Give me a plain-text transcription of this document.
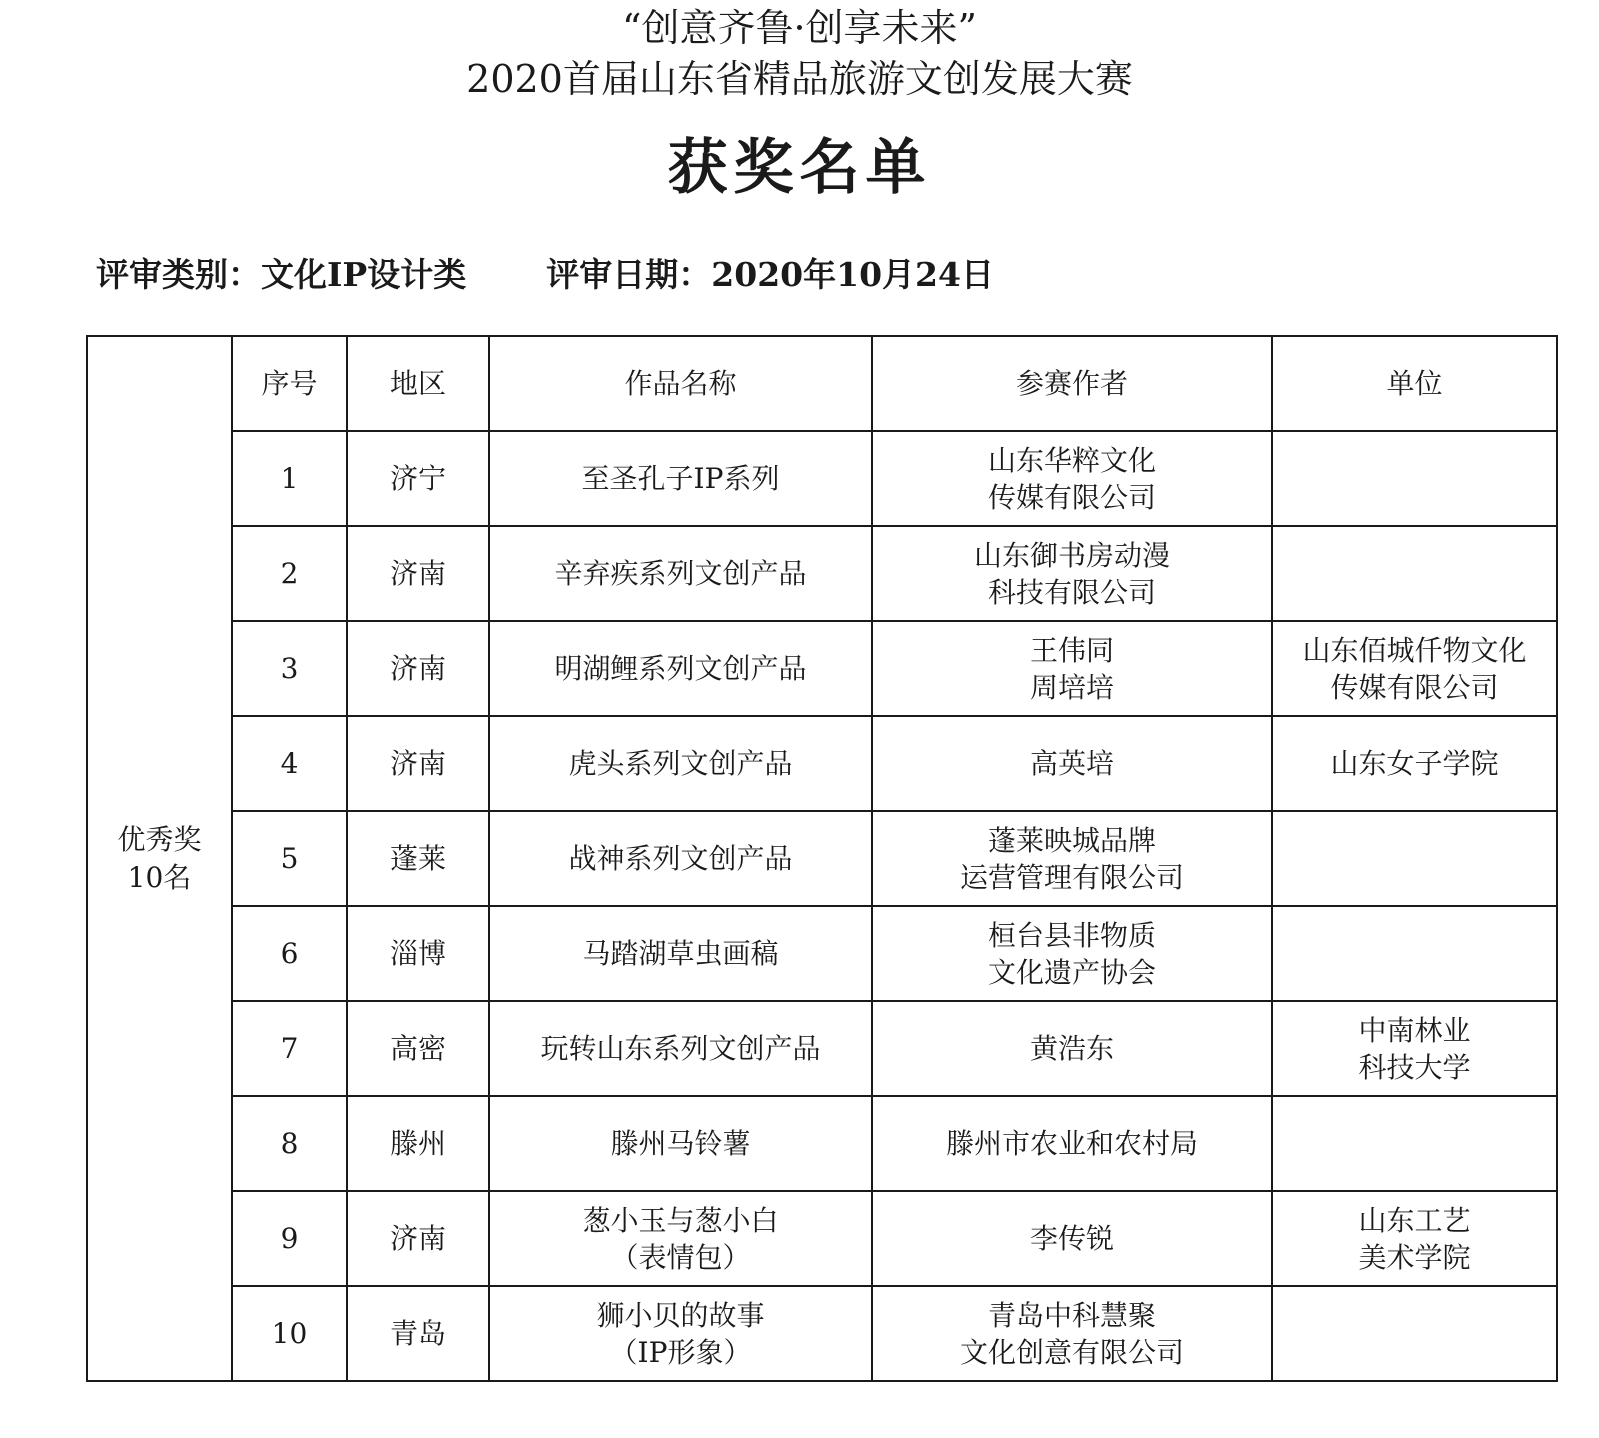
“创意齐鲁·创享未来”
2020首届山东省精品旅游文创发展大赛
获奖名单
评审类别：文化IP设计类 评审日期：2020年10月24日
优秀奖
10名	序号	地区	作品名称	参赛作者	单位
	1	济宁	至圣孔子IP系列	山东华粹文化
传媒有限公司	

	2	济南	辛弃疾系列文创产品	山东御书房动漫
科技有限公司	

	3	济南	明湖鲤系列文创产品	王伟同
周培培	山东佰城仟物文化
传媒有限公司

	4	济南	虎头系列文创产品	高英培	山东女子学院

	5	蓬莱	战神系列文创产品	蓬莱映城品牌
运营管理有限公司	

	6	淄博	马踏湖草虫画稿	桓台县非物质
文化遗产协会	

	7	高密	玩转山东系列文创产品	黄浩东	中南林业
科技大学

	8	滕州	滕州马铃薯	滕州市农业和农村局	

	9	济南	葱小玉与葱小白
（表情包）	李传锐	山东工艺
美术学院

	10	青岛	狮小贝的故事
（IP形象）	青岛中科慧聚
文化创意有限公司	
